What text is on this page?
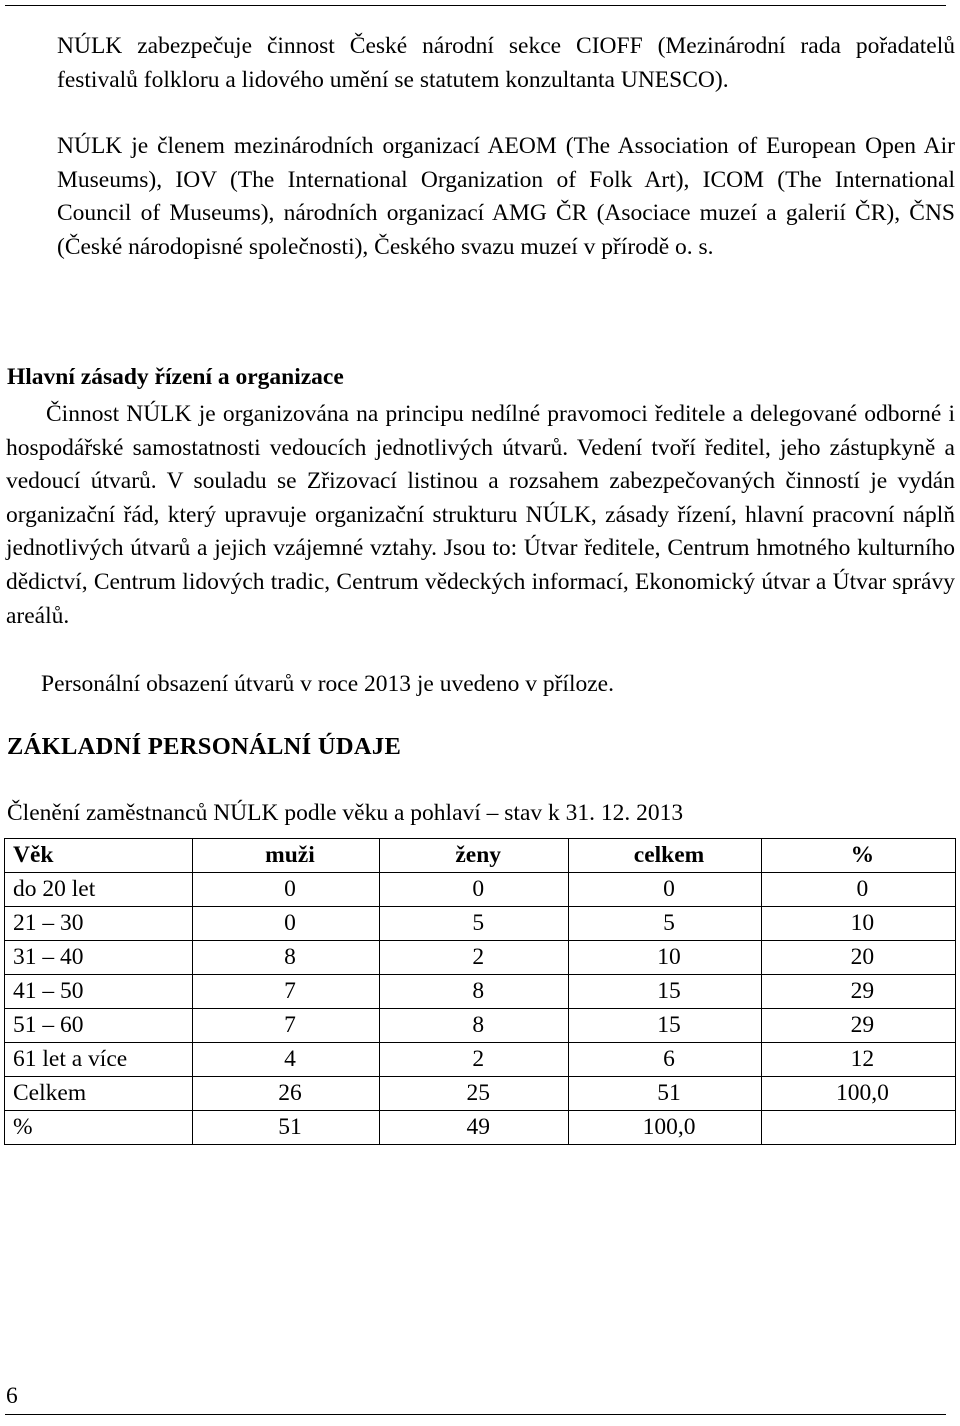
NÚLK zabezpečuje činnost České národní sekce CIOFF (Mezinárodní rada pořadatelů festivalů folkloru a lidového umění se statutem konzultanta UNESCO).

NÚLK je členem mezinárodních organizací AEOM (The Association of European Open Air Museums), IOV (The International Organization of Folk Art), ICOM (The International Council of Museums), národních organizací AMG ČR (Asociace muzeí a galerií ČR), ČNS (České národopisné společnosti), Českého svazu muzeí v přírodě o. s.

Hlavní zásady řízení a organizace

Činnost NÚLK je organizována na principu nedílné pravomoci ředitele a delegované odborné i hospodářské samostatnosti vedoucích jednotlivých útvarů. Vedení tvoří ředitel, jeho zástupkyně a vedoucí útvarů. V souladu se Zřizovací listinou a rozsahem zabezpečovaných činností je vydán organizační řád, který upravuje organizační strukturu NÚLK, zásady řízení, hlavní pracovní náplň jednotlivých útvarů a jejich vzájemné vztahy. Jsou to: Útvar ředitele, Centrum hmotného kulturního dědictví, Centrum lidových tradic, Centrum vědeckých informací, Ekonomický útvar a Útvar správy areálů.

Personální obsazení útvarů v roce 2013 je uvedeno v příloze.

ZÁKLADNÍ PERSONÁLNÍ ÚDAJE

Členění zaměstnanců NÚLK podle věku a pohlaví – stav k 31. 12. 2013

Věk	muži	ženy	celkem	%
do 20 let	0	0	0	0
21 – 30	0	5	5	10
31 – 40	8	2	10	20
41 – 50	7	8	15	29
51 – 60	7	8	15	29
61 let a více	4	2	6	12
Celkem	26	25	51	100,0
%	51	49	100,0	

6
